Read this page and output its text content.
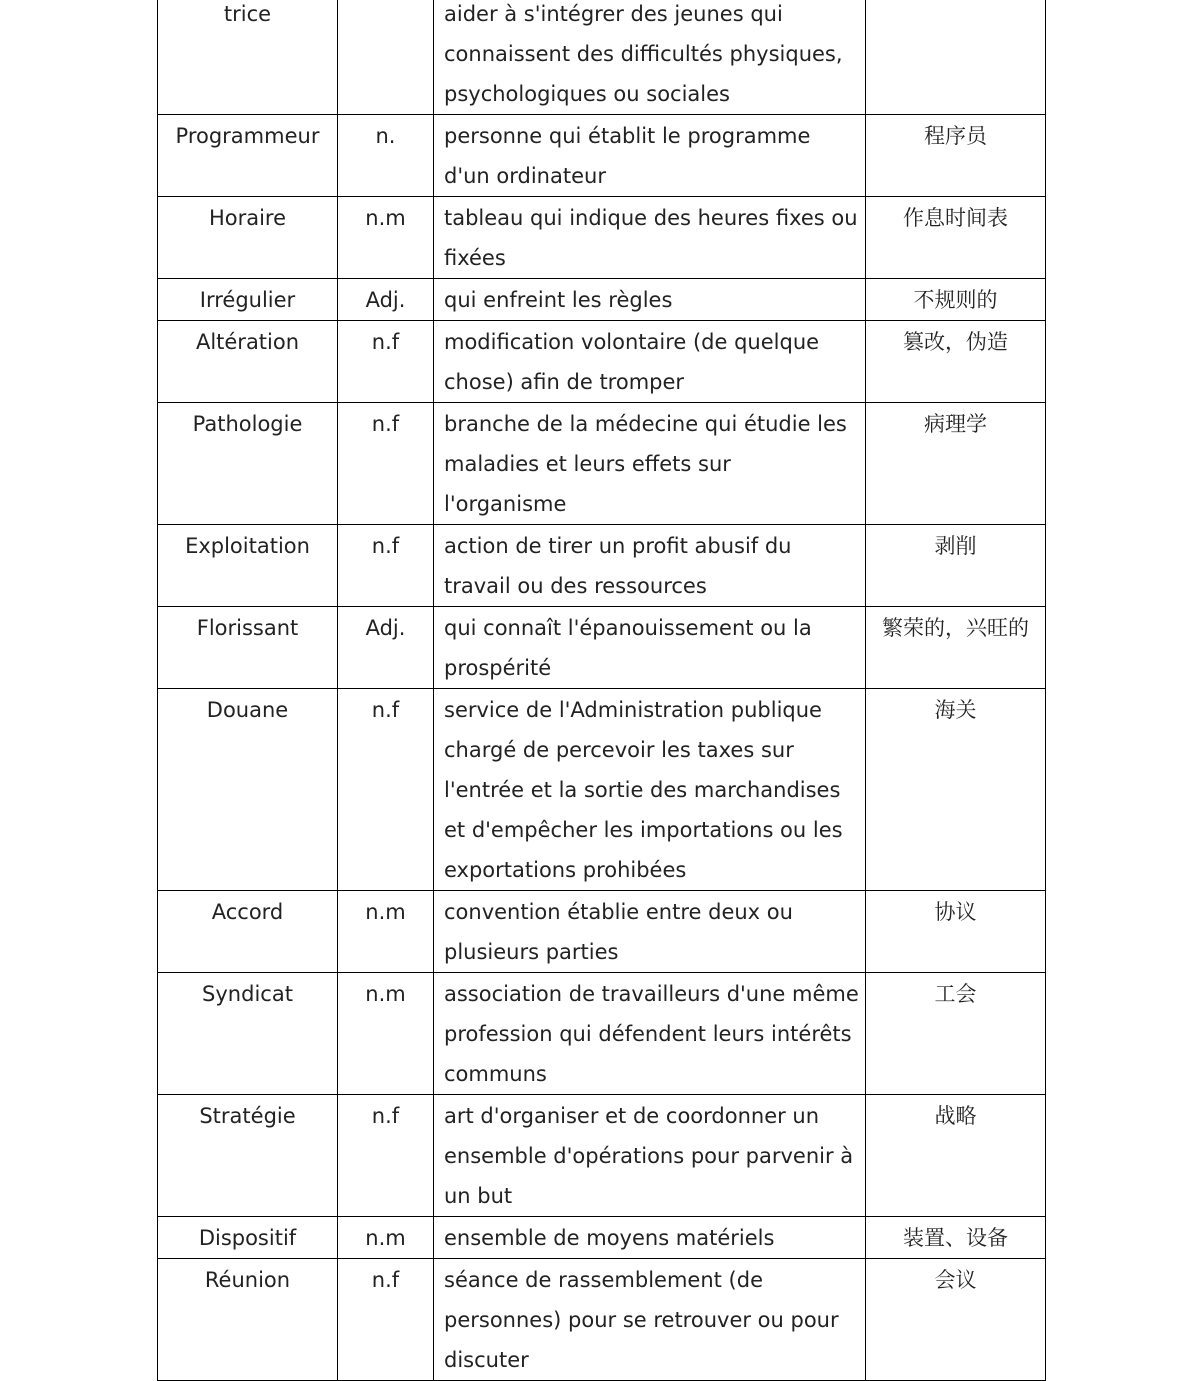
trice		aider à s'intégrer des jeunes qui connaissent des difficultés physiques, psychologiques ou sociales	

Programmeur	n.	personne qui établit le programme d'un ordinateur	程序员

Horaire	n.m	tableau qui indique des heures fixes ou fixées	作息时间表

Irrégulier	Adj.	qui enfreint les règles	不规则的

Altération	n.f	modification volontaire (de quelque chose) afin de tromper	篡改，伪造

Pathologie	n.f	branche de la médecine qui étudie les maladies et leurs effets sur l'organisme	病理学

Exploitation	n.f	action de tirer un profit abusif du travail ou des ressources	剥削

Florissant	Adj.	qui connaît l'épanouissement ou la prospérité	繁荣的，兴旺的

Douane	n.f	service de l'Administration publique chargé de percevoir les taxes sur l'entrée et la sortie des marchandises et d'empêcher les importations ou les exportations prohibées	海关

Accord	n.m	convention établie entre deux ou plusieurs parties	协议

Syndicat	n.m	association de travailleurs d'une même profession qui défendent leurs intérêts communs	工会

Stratégie	n.f	art d'organiser et de coordonner un ensemble d'opérations pour parvenir à un but	战略

Dispositif	n.m	ensemble de moyens matériels	装置、设备

Réunion	n.f	séance de rassemblement (de personnes) pour se retrouver ou pour discuter	会议
